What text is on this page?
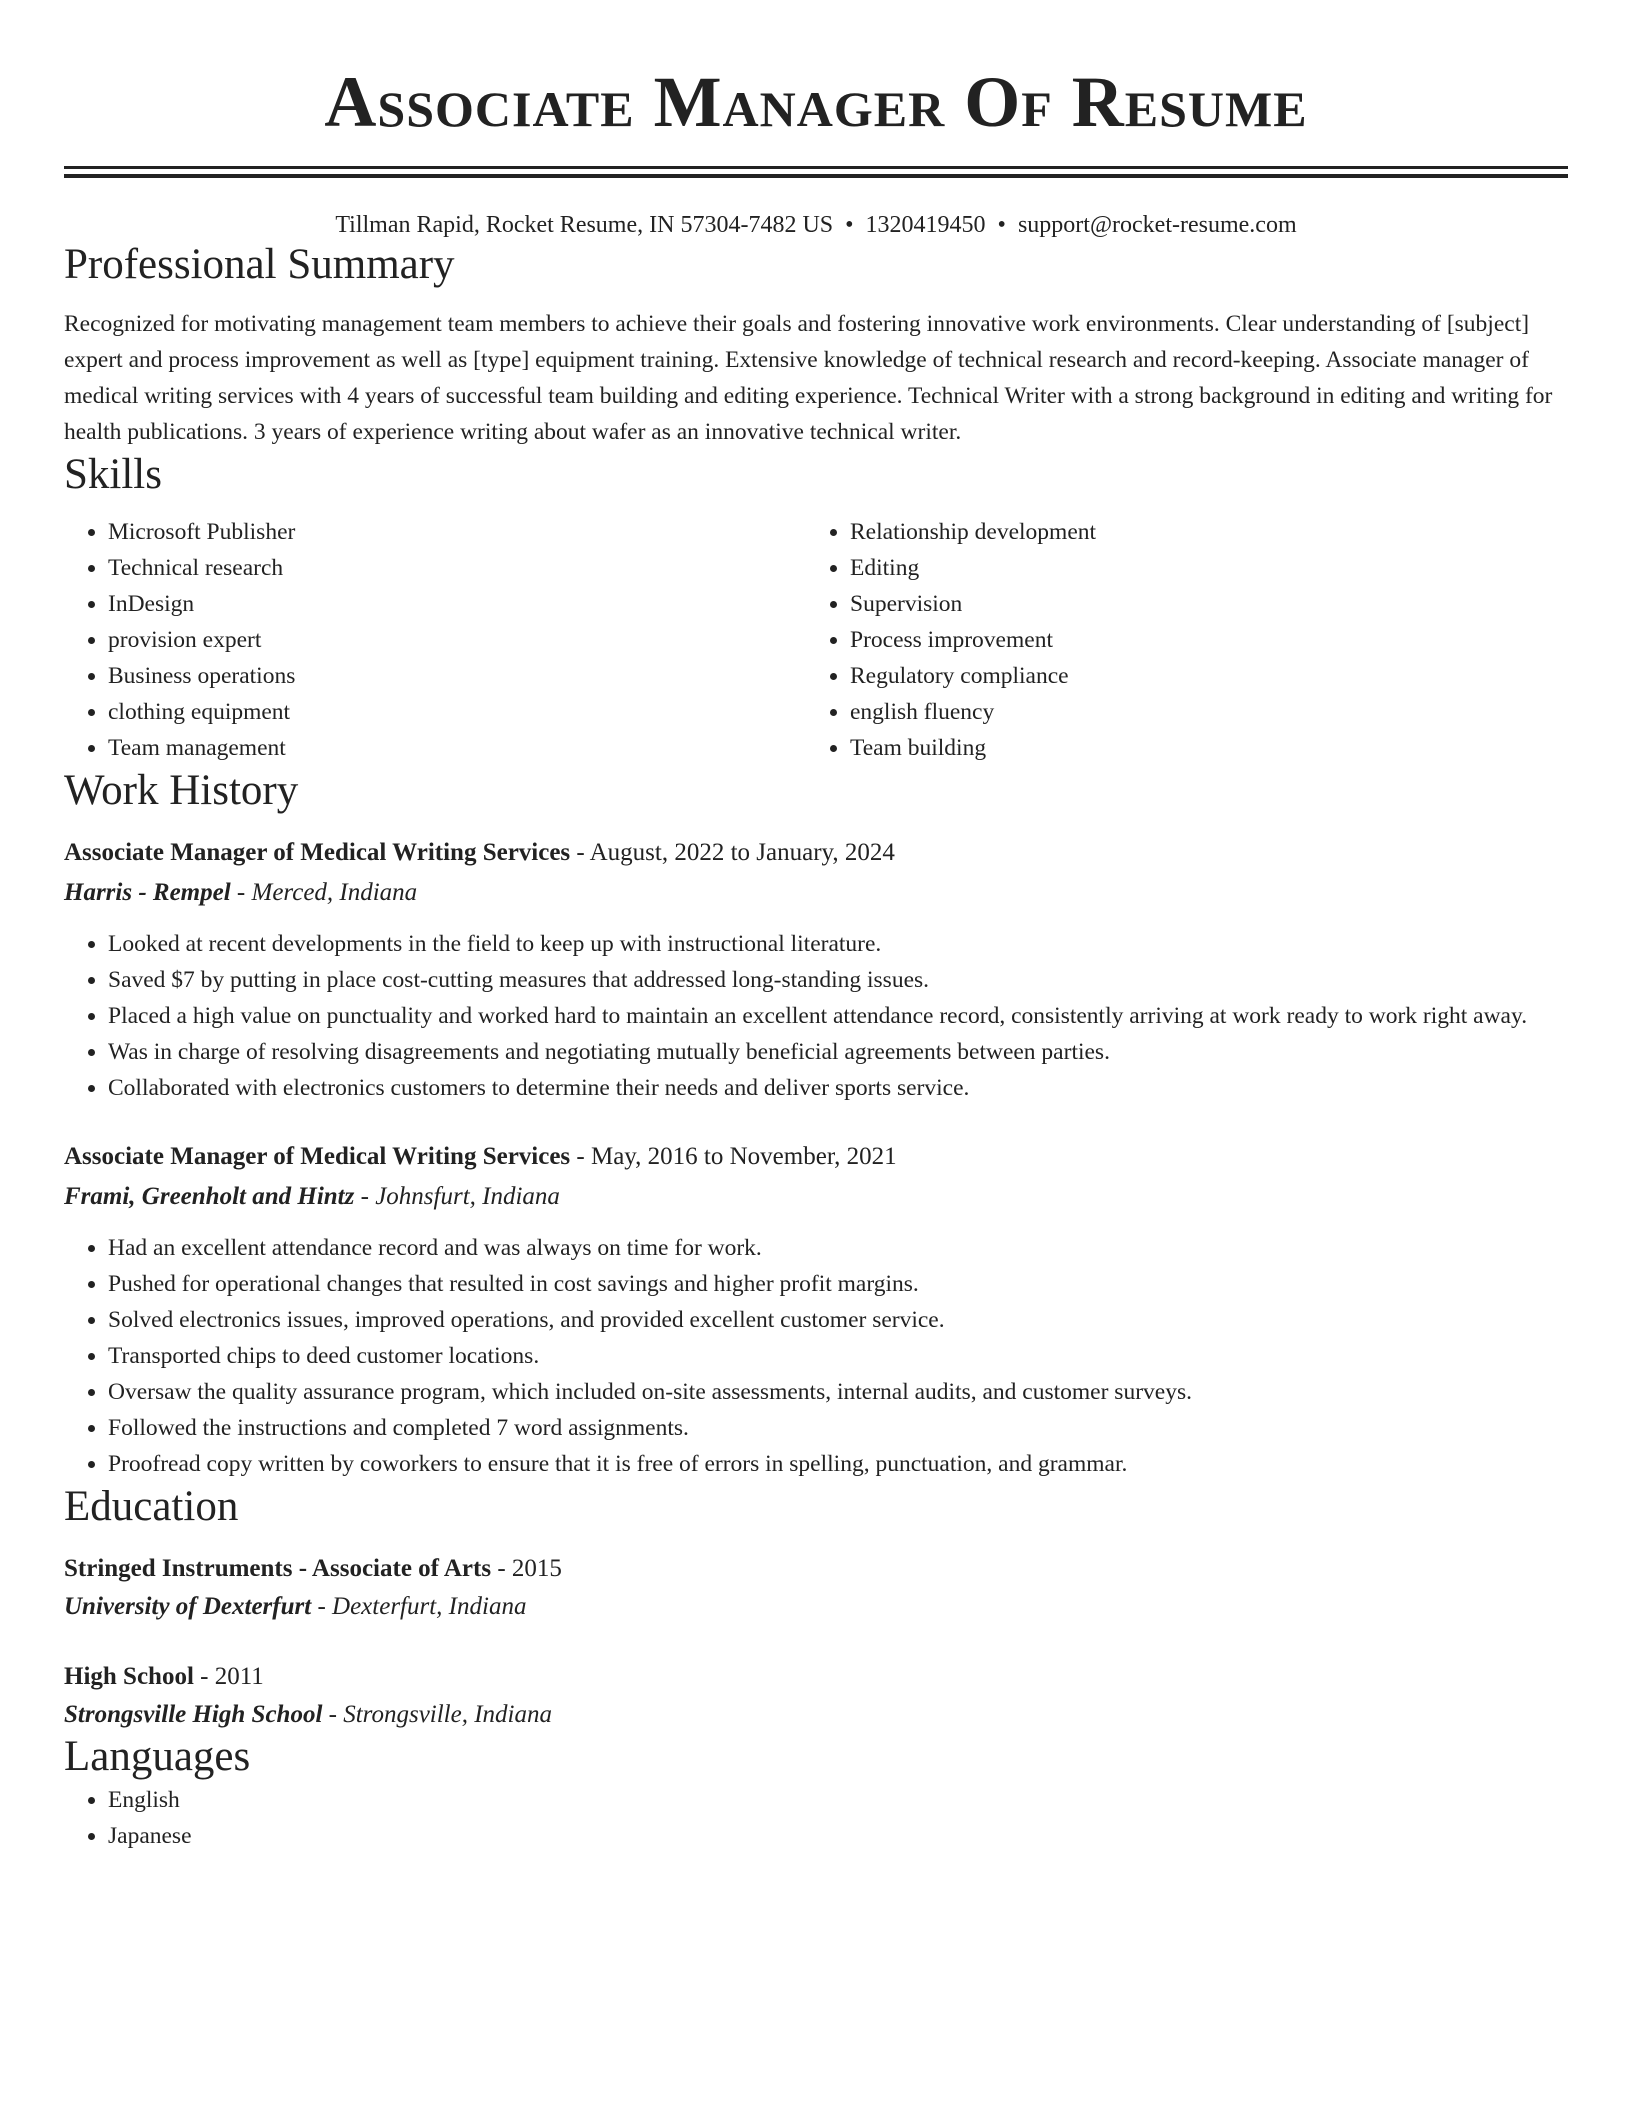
Associate Manager Of Resume
Tillman Rapid, Rocket Resume, IN 57304-7482 US • 1320419450 • support@rocket-resume.com
Professional Summary
Recognized for motivating management team members to achieve their goals and fostering innovative work environments. Clear understanding of [subject] expert and process improvement as well as [type] equipment training. Extensive knowledge of technical research and record-keeping. Associate manager of medical writing services with 4 years of successful team building and editing experience. Technical Writer with a strong background in editing and writing for health publications. 3 years of experience writing about wafer as an innovative technical writer.
Skills
• Microsoft Publisher
• Technical research
• InDesign
• provision expert
• Business operations
• clothing equipment
• Team management
• Relationship development
• Editing
• Supervision
• Process improvement
• Regulatory compliance
• english fluency
• Team building
Work History
Associate Manager of Medical Writing Services - August, 2022 to January, 2024
Harris - Rempel - Merced, Indiana
• Looked at recent developments in the field to keep up with instructional literature.
• Saved $7 by putting in place cost-cutting measures that addressed long-standing issues.
• Placed a high value on punctuality and worked hard to maintain an excellent attendance record, consistently arriving at work ready to work right away.
• Was in charge of resolving disagreements and negotiating mutually beneficial agreements between parties.
• Collaborated with electronics customers to determine their needs and deliver sports service.
Associate Manager of Medical Writing Services - May, 2016 to November, 2021
Frami, Greenholt and Hintz - Johnsfurt, Indiana
• Had an excellent attendance record and was always on time for work.
• Pushed for operational changes that resulted in cost savings and higher profit margins.
• Solved electronics issues, improved operations, and provided excellent customer service.
• Transported chips to deed customer locations.
• Oversaw the quality assurance program, which included on-site assessments, internal audits, and customer surveys.
• Followed the instructions and completed 7 word assignments.
• Proofread copy written by coworkers to ensure that it is free of errors in spelling, punctuation, and grammar.
Education
Stringed Instruments - Associate of Arts - 2015
University of Dexterfurt - Dexterfurt, Indiana
High School - 2011
Strongsville High School - Strongsville, Indiana
Languages
• English
• Japanese
